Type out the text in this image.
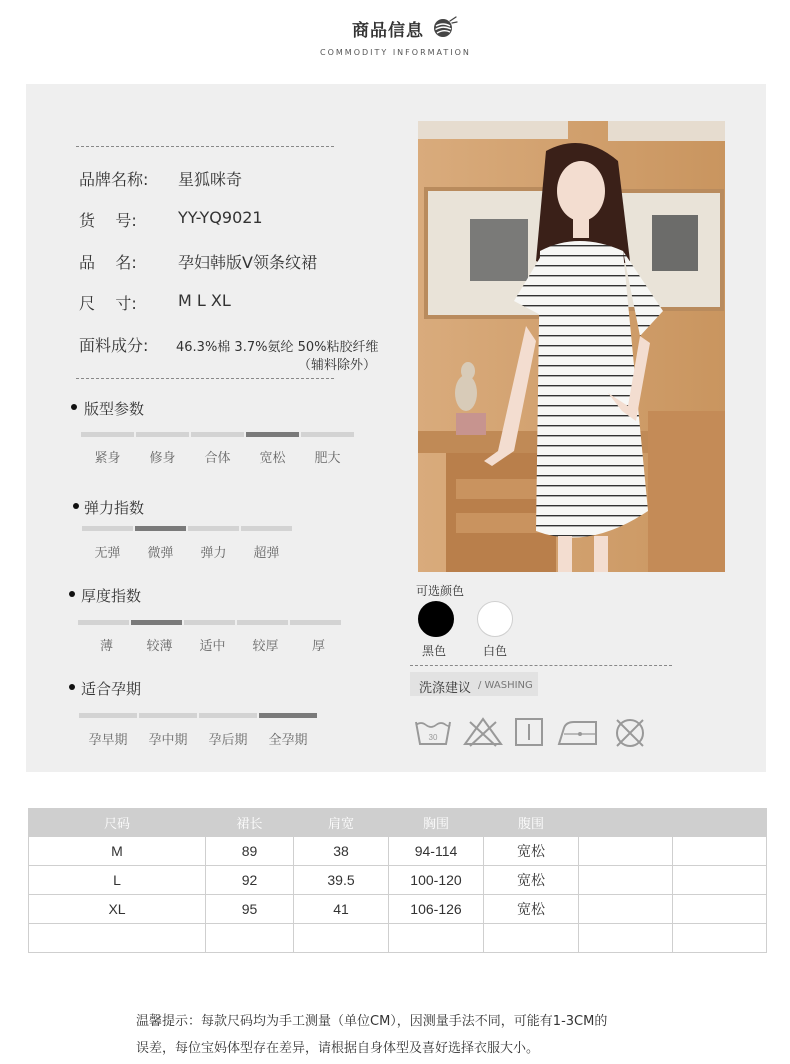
商品信息
COMMODITY INFORMATION
品牌名称: 星狐咪奇
货    号:	YY-YQ9021
品    名:	孕妇韩版V领条纹裙
尺    寸:	M L XL
面料成分: 46.3%棉 3.7%氨纶 50%粘胶纤维
（辅料除外）
版型参数
紧身	修身	合体	宽松	肥大
弹力指数
无弹	微弹	弹力	超弹
厚度指数
薄	较薄	适中	较厚	厚
适合孕期
孕早期	孕中期	孕后期	全孕期
可选颜色
黑色	白色
洗涤建议 / WASHING
30
尺码	裙长	肩宽	胸围	腹围		
M	89	38	94-114	宽松		
L	92	39.5	100-120	宽松		
XL	95	41	106-126	宽松		

温馨提示：每款尺码均为手工测量（单位CM），因测量手法不同，可能有1-3CM的
误差，每位宝妈体型存在差异，请根据自身体型及喜好选择衣服大小。
